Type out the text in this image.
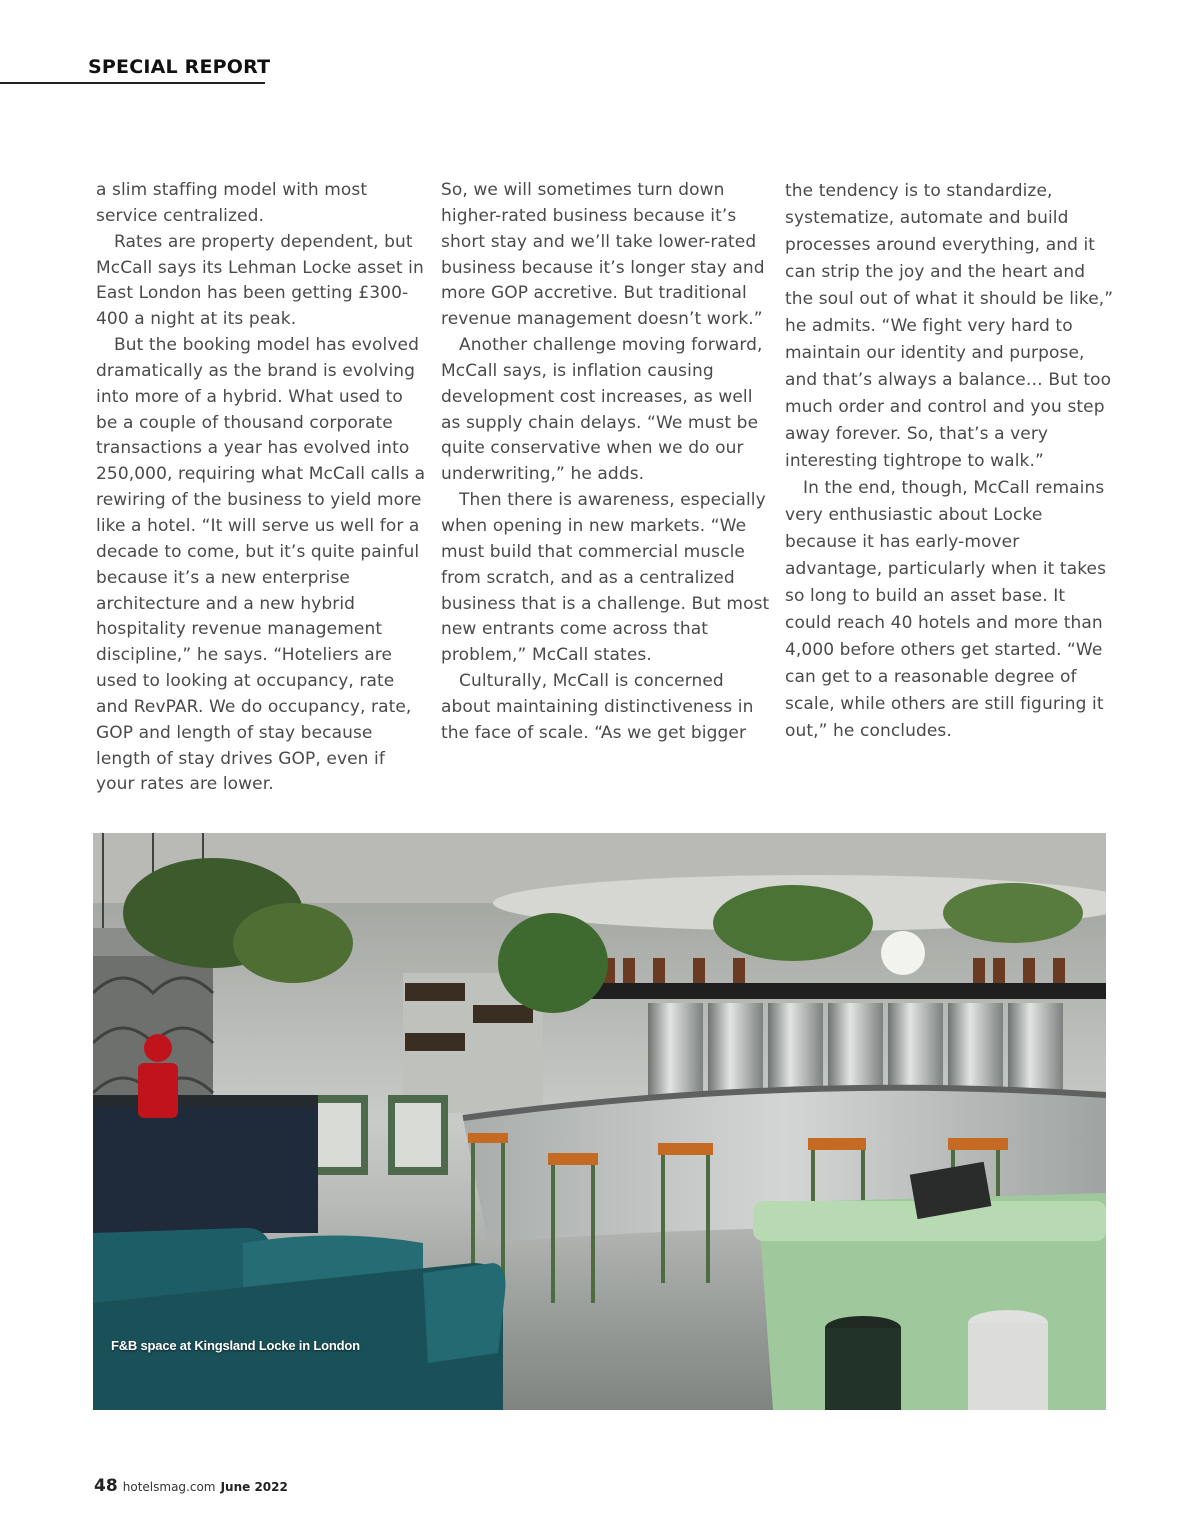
SPECIAL REPORT

a slim staffing model with most service centralized.

Rates are property dependent, but McCall says its Lehman Locke asset in East London has been getting £300-400 a night at its peak.

But the booking model has evolved dramatically as the brand is evolving into more of a hybrid. What used to be a couple of thousand corporate transactions a year has evolved into 250,000, requiring what McCall calls a rewiring of the business to yield more like a hotel. “It will serve us well for a decade to come, but it’s quite painful because it’s a new enterprise architecture and a new hybrid hospitality revenue management discipline,” he says. “Hoteliers are used to looking at occupancy, rate and RevPAR. We do occupancy, rate, GOP and length of stay because length of stay drives GOP, even if your rates are lower.

So, we will sometimes turn down higher-rated business because it’s short stay and we’ll take lower-rated business because it’s longer stay and more GOP accretive. But traditional revenue management doesn’t work.”

Another challenge moving forward, McCall says, is inflation causing development cost increases, as well as supply chain delays. “We must be quite conservative when we do our underwriting,” he adds.

Then there is awareness, especially when opening in new markets. “We must build that commercial muscle from scratch, and as a centralized business that is a challenge. But most new entrants come across that problem,” McCall states.

Culturally, McCall is concerned about maintaining distinctiveness in the face of scale. “As we get bigger

the tendency is to standardize, systematize, automate and build processes around everything, and it can strip the joy and the heart and the soul out of what it should be like,” he admits. “We fight very hard to maintain our identity and purpose, and that’s always a balance… But too much order and control and you step away forever. So, that’s a very interesting tightrope to walk.”

In the end, though, McCall remains very enthusiastic about Locke because it has early-mover advantage, particularly when it takes so long to build an asset base. It could reach 40 hotels and more than 4,000 before others get started. “We can get to a reasonable degree of scale, while others are still figuring it out,” he concludes.

F&B space at Kingsland Locke in London
48 hotelsmag.com June 2022
